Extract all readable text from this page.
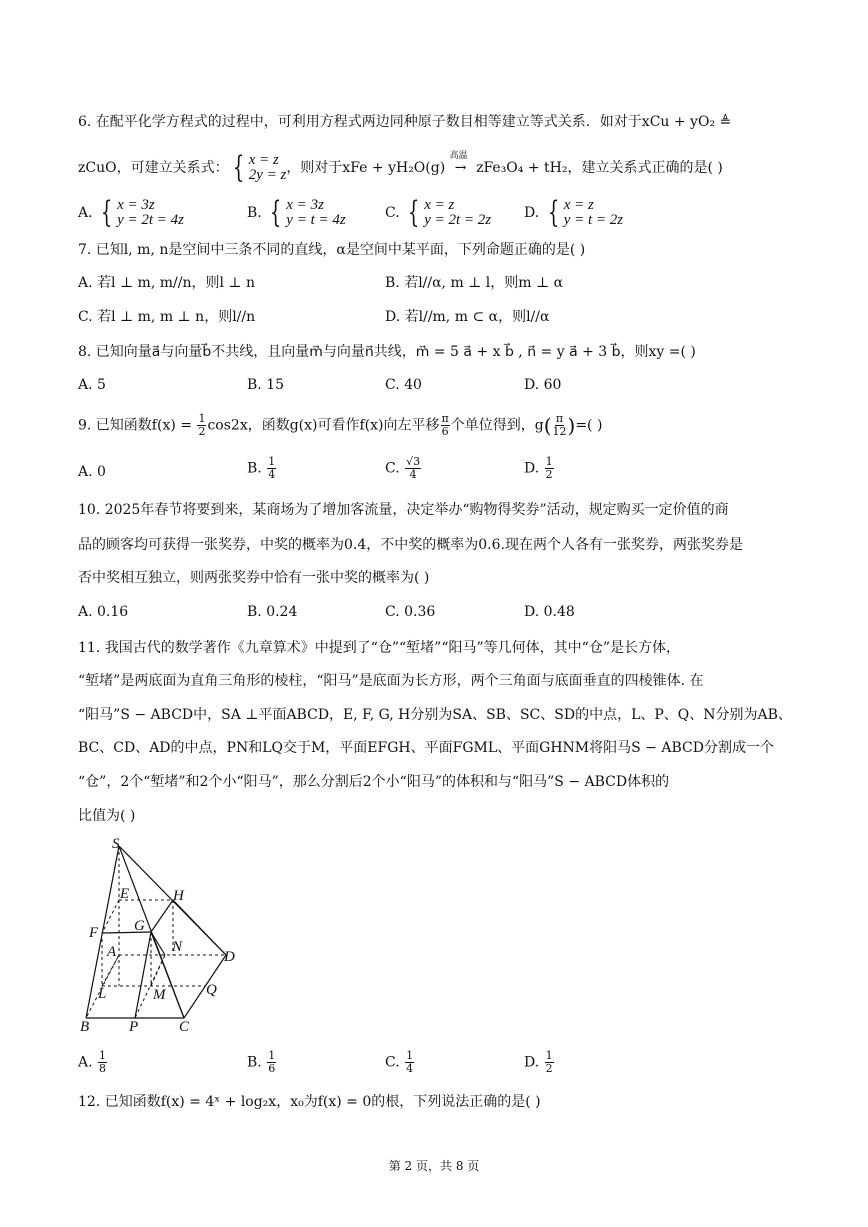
6. 在配平化学方程式的过程中，可利用方程式两边同种原子数目相等建立等式关系．如对于xCu + yO₂ ≜
zCuO，可建立关系式： { x = z
2y = z ，则对于xFe + yH₂O(g)
高温
→ zFe₃O₄ + tH₂，建立关系式正确的是( )
A. { x = 3z
y = 2t = 4z	B. { x = 3z
y = t = 4z	C. { x = z
y = 2t = 2z D. { x = z
y = t = 2z
7. 已知l, m, n是空间中三条不同的直线，α是空间中某平面，下列命题正确的是( )
A. 若l ⊥ m, m//n，则l ⊥ n	B. 若l//α, m ⊥ l，则m ⊥ α
C. 若l ⊥ m, m ⊥ n，则l//n	D. 若l//m, m ⊂ α，则l//α
8. 已知向量a⃗与向量b⃗不共线，且向量m⃗与向量n⃗共线，m⃗ = 5 a⃗ + x b⃗ , n⃗ = y a⃗ + 3 b⃗，则xy =( )
A. 5	B. 15	C. 40	D. 60
9. 已知函数$f(x) = \frac{1}{2} \cos 2x$，函数g(x)可看作f(x)向左平移 $\frac{\pi}{6}$ 个单位得到，$g( \frac{\pi}{12}$ )=( )
A. 0	B. $\frac{1}{4}$	C. $\frac{√3}{4}$	D. $\frac{1}{2}$
10. 2025年春节将要到来，某商场为了增加客流量，决定举办“购物得奖券”活动，规定购买一定价值的商
品的顾客均可获得一张奖券，中奖的概率为0.4，不中奖的概率为0.6.现在两个人各有一张奖券，两张奖券是
否中奖相互独立，则两张奖券中恰有一张中奖的概率为( )
A. 0.16	B. 0.24	C. 0.36	D. 0.48
11. 我国古代的数学著作《九章算术》中提到了“仓”“堑堵”“阳马”等几何体，其中“仓”是长方体，
“堑堵”是两底面为直角三角形的棱柱，“阳马”是底面为长方形，两个三角面与底面垂直的四棱锥体. 在
“阳马”S − ABCD中，SA ⊥平面ABCD，E, F, G, H分别为SA、SB、SC、SD的中点，L、P、Q、N分别为AB、
BC、CD、AD的中点，PN和LQ交于M，平面EFGH、平面FGML、平面GHNM将阳马S − ABCD分割成一个
“仓”，2个“堑堵”和2个小“阳马”，那么分割后2个小“阳马”的体积和与“阳马”S − ABCD体积的
比值为( )
S
E	H
F G
A	N
D
L	M	Q
B	P	C
A. $\frac{1}{8}$	B. $\frac{1}{6}$	C. $\frac{1}{4}$	D. $\frac{1}{2}$
12. 已知函数f(x) = 4ˣ + log₂x，x₀为f(x) = 0的根，下列说法正确的是( )
第 2 页，共 8 页
